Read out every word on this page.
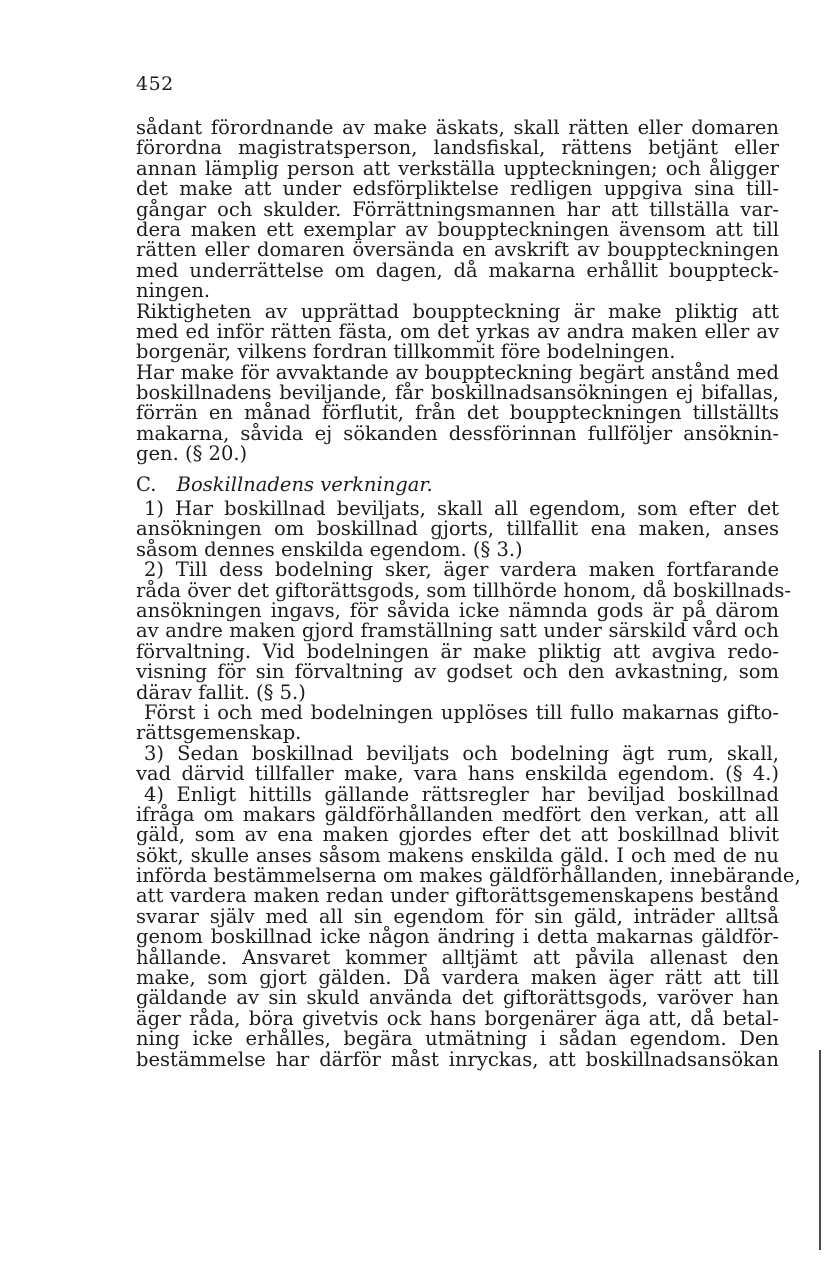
452
sådant förordnande av make äskats, skall rätten eller domaren
förordna magistratsperson, landsfiskal, rättens betjänt eller
annan lämplig person att verkställa uppteckningen; och åligger
det make att under edsförpliktelse redligen uppgiva sina till-
gångar och skulder. Förrättningsmannen har att tillställa var-
dera maken ett exemplar av bouppteckningen ävensom att till
rätten eller domaren översända en avskrift av bouppteckningen
med underrättelse om dagen, då makarna erhållit bouppteck-
ningen.
Riktigheten av upprättad bouppteckning är make pliktig att
med ed inför rätten fästa, om det yrkas av andra maken eller av
borgenär, vilkens fordran tillkommit före bodelningen.
Har make för avvaktande av bouppteckning begärt anstånd med
boskillnadens beviljande, får boskillnadsansökningen ej bifallas,
förrän en månad förflutit, från det bouppteckningen tillställts
makarna, såvida ej sökanden dessförinnan fullföljer ansöknin-
gen. (§ 20.)
C. Boskillnadens verkningar.
1) Har boskillnad beviljats, skall all egendom, som efter det
ansökningen om boskillnad gjorts, tillfallit ena maken, anses
såsom dennes enskilda egendom. (§ 3.)
2) Till dess bodelning sker, äger vardera maken fortfarande
råda över det giftorättsgods, som tillhörde honom, då boskillnads-
ansökningen ingavs, för såvida icke nämnda gods är på därom
av andre maken gjord framställning satt under särskild vård och
förvaltning. Vid bodelningen är make pliktig att avgiva redo-
visning för sin förvaltning av godset och den avkastning, som
därav fallit. (§ 5.)
Först i och med bodelningen upplöses till fullo makarnas gifto-
rättsgemenskap.
3) Sedan boskillnad beviljats och bodelning ägt rum, skall,
vad därvid tillfaller make, vara hans enskilda egendom. (§ 4.)
4) Enligt hittills gällande rättsregler har beviljad boskillnad
ifråga om makars gäldförhållanden medfört den verkan, att all
gäld, som av ena maken gjordes efter det att boskillnad blivit
sökt, skulle anses såsom makens enskilda gäld. I och med de nu
införda bestämmelserna om makes gäldförhållanden, innebärande,
att vardera maken redan under giftorättsgemenskapens bestånd
svarar själv med all sin egendom för sin gäld, inträder alltså
genom boskillnad icke någon ändring i detta makarnas gäldför-
hållande. Ansvaret kommer alltjämt att påvila allenast den
make, som gjort gälden. Då vardera maken äger rätt att till
gäldande av sin skuld använda det giftorättsgods, varöver han
äger råda, böra givetvis ock hans borgenärer äga att, då betal-
ning icke erhålles, begära utmätning i sådan egendom. Den
bestämmelse har därför måst inryckas, att boskillnadsansökan
